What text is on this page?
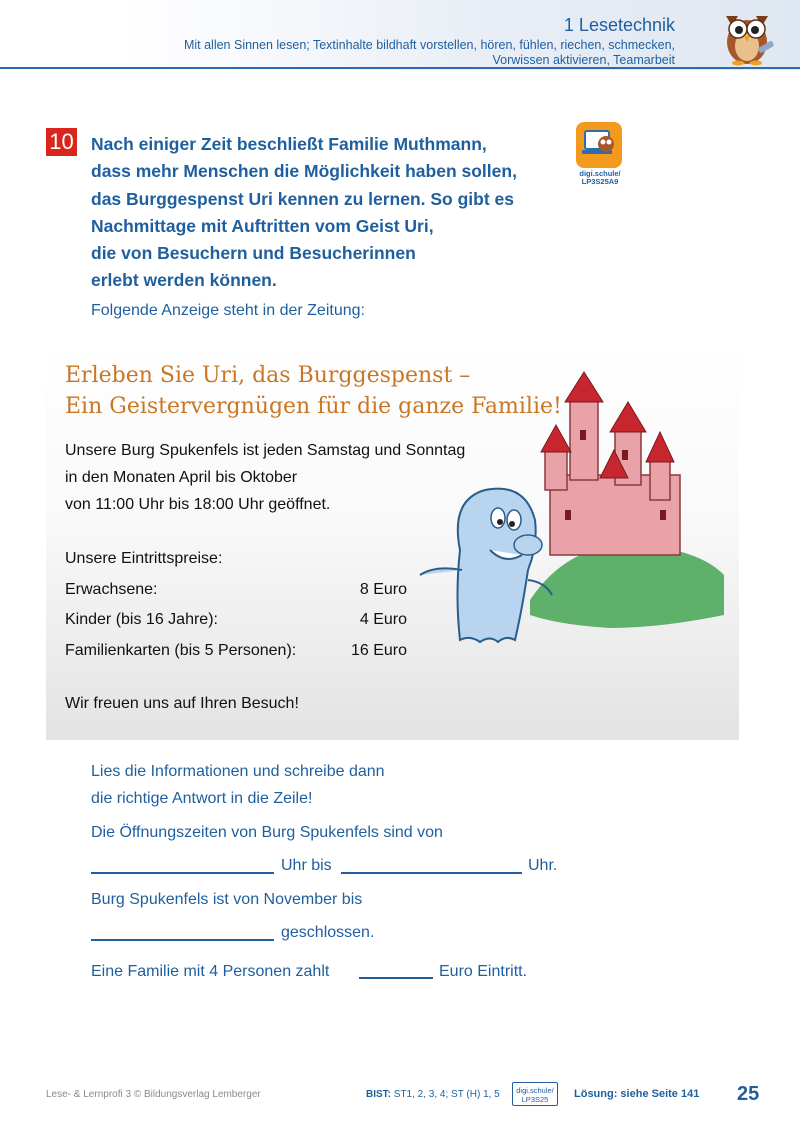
1 Lesetechnik
Mit allen Sinnen lesen; Textinhalte bildhaft vorstellen, hören, fühlen, riechen, schmecken,
Vorwissen aktivieren, Teamarbeit
10 Nach einiger Zeit beschließt Familie Muthmann,
dass mehr Menschen die Möglichkeit haben sollen,
das Burggespenst Uri kennen zu lernen. So gibt es
Nachmittage mit Auftritten vom Geist Uri,
die von Besuchern und Besucherinnen
erlebt werden können.
digi.schule/ LP3S25A9
Folgende Anzeige steht in der Zeitung:
Erleben Sie Uri, das Burggespenst –
Ein Geistervergnügen für die ganze Familie!
Unsere Burg Spukenfels ist jeden Samstag und Sonntag
in den Monaten April bis Oktober
von 11:00 Uhr bis 18:00 Uhr geöffnet.
Unsere Eintrittspreise:
Erwachsene:	8 Euro
Kinder (bis 16 Jahre):	4 Euro
Familienkarten (bis 5 Personen):	16 Euro
Wir freuen uns auf Ihren Besuch!
Lies die Informationen und schreibe dann
die richtige Antwort in die Zeile!
Die Öffnungszeiten von Burg Spukenfels sind von
Uhr bis	Uhr.
Burg Spukenfels ist von November bis
geschlossen.
Eine Familie mit 4 Personen zahlt	Euro Eintritt.
Lese- & Lernprofi 3 © Bildungsverlag Lemberger	BIST: ST1, 2, 3, 4; ST (H) 1, 5	digi.schule/
LP3S25	Lösung: siehe Seite 141 25
